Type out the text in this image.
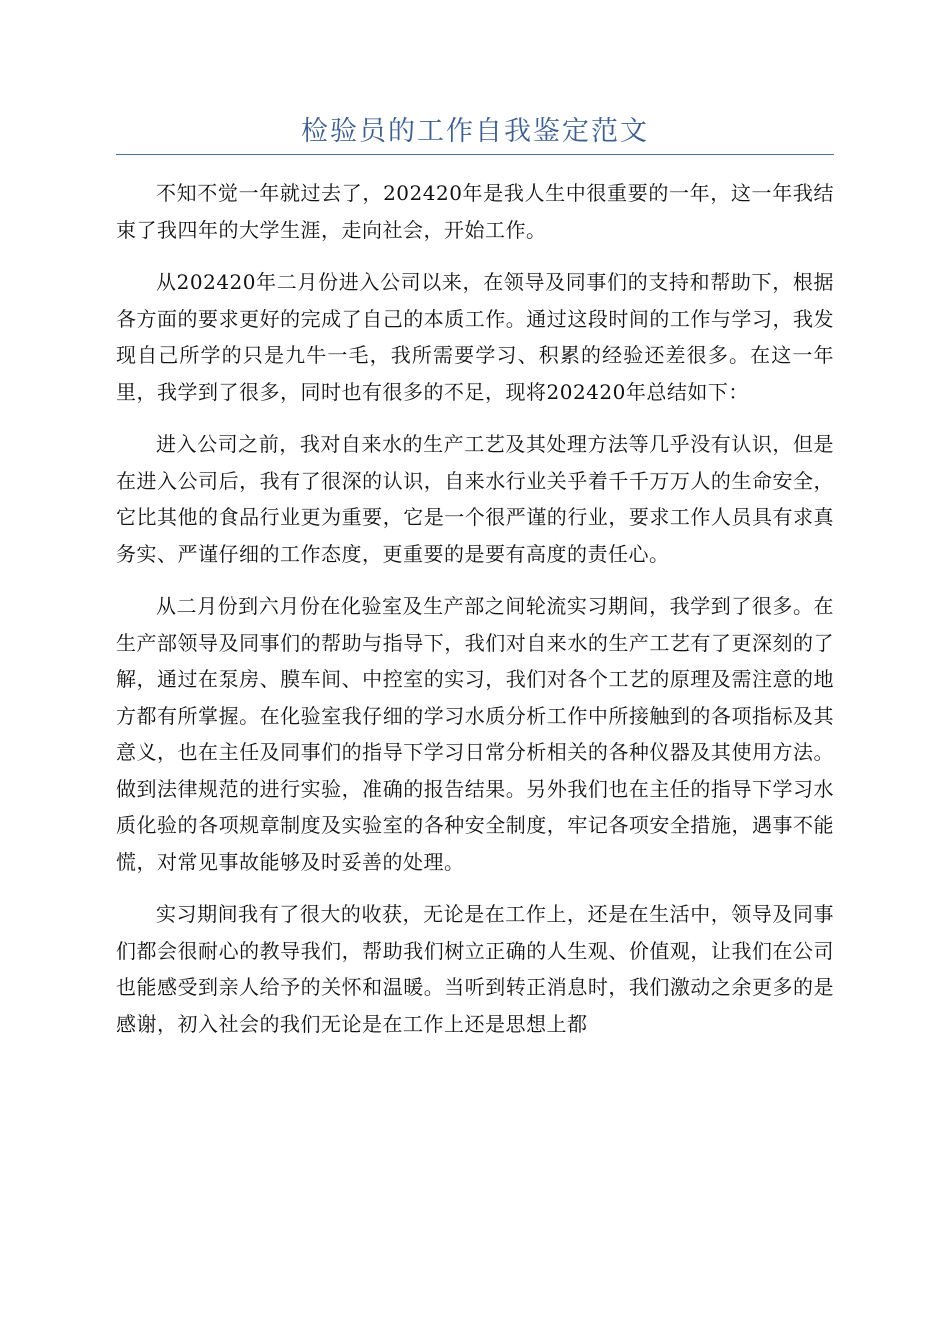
检验员的工作自我鉴定范文

不知不觉一年就过去了，202420年是我人生中很重要的一年，这一年我结束了我四年的大学生涯，走向社会，开始工作。

从202420年二月份进入公司以来，在领导及同事们的支持和帮助下，根据各方面的要求更好的完成了自己的本质工作。通过这段时间的工作与学习，我发现自己所学的只是九牛一毛，我所需要学习、积累的经验还差很多。在这一年里，我学到了很多，同时也有很多的不足，现将202420年总结如下：

进入公司之前，我对自来水的生产工艺及其处理方法等几乎没有认识，但是在进入公司后，我有了很深的认识，自来水行业关乎着千千万万人的生命安全，它比其他的食品行业更为重要，它是一个很严谨的行业，要求工作人员具有求真务实、严谨仔细的工作态度，更重要的是要有高度的责任心。

从二月份到六月份在化验室及生产部之间轮流实习期间，我学到了很多。在生产部领导及同事们的帮助与指导下，我们对自来水的生产工艺有了更深刻的了解，通过在泵房、膜车间、中控室的实习，我们对各个工艺的原理及需注意的地方都有所掌握。在化验室我仔细的学习水质分析工作中所接触到的各项指标及其意义，也在主任及同事们的指导下学习日常分析相关的各种仪器及其使用方法。做到法律规范的进行实验，准确的报告结果。另外我们也在主任的指导下学习水质化验的各项规章制度及实验室的各种安全制度，牢记各项安全措施，遇事不能慌，对常见事故能够及时妥善的处理。

实习期间我有了很大的收获，无论是在工作上，还是在生活中，领导及同事们都会很耐心的教导我们，帮助我们树立正确的人生观、价值观，让我们在公司也能感受到亲人给予的关怀和温暖。当听到转正消息时，我们激动之余更多的是感谢，初入社会的我们无论是在工作上还是思想上都
